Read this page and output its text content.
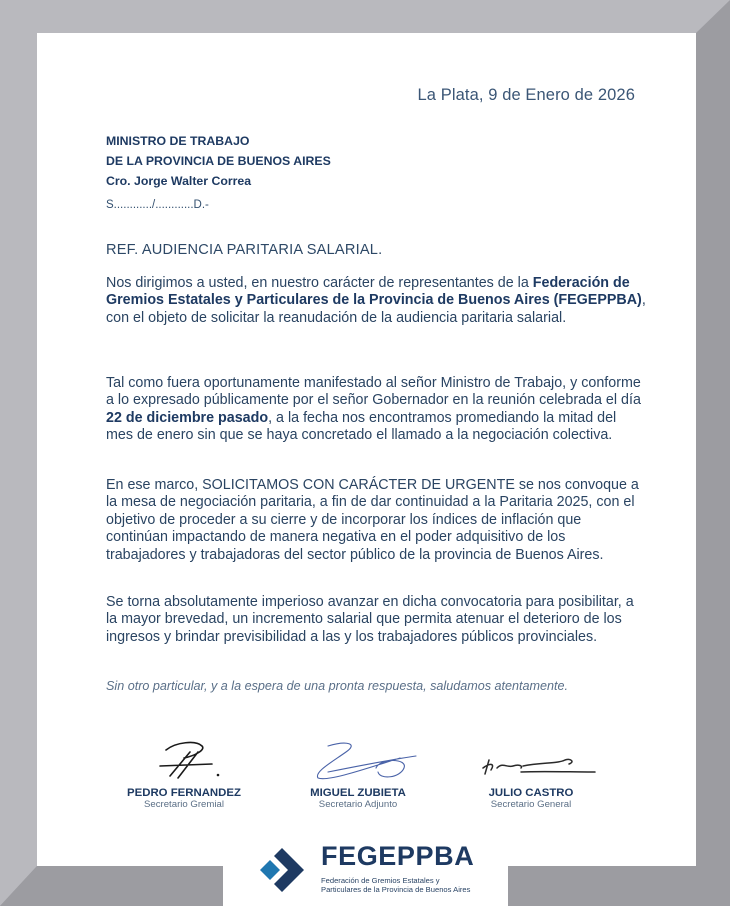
La Plata, 9 de Enero de 2026
MINISTRO DE TRABAJO
DE LA PROVINCIA DE BUENOS AIRES
Cro. Jorge Walter Correa
S............/............D.-
REF. AUDIENCIA PARITARIA SALARIAL.
Nos dirigimos a usted, en nuestro carácter de representantes de la Federación de Gremios Estatales y Particulares de la Provincia de Buenos Aires (FEGEPPBA), con el objeto de solicitar la reanudación de la audiencia paritaria salarial.
Tal como fuera oportunamente manifestado al señor Ministro de Trabajo, y conforme a lo expresado públicamente por el señor Gobernador en la reunión celebrada el día 22 de diciembre pasado, a la fecha nos encontramos promediando la mitad del mes de enero sin que se haya concretado el llamado a la negociación colectiva.
En ese marco, SOLICITAMOS CON CARÁCTER DE URGENTE se nos convoque a la mesa de negociación paritaria, a fin de dar continuidad a la Paritaria 2025, con el objetivo de proceder a su cierre y de incorporar los índices de inflación que continúan impactando de manera negativa en el poder adquisitivo de los trabajadores y trabajadoras del sector público de la provincia de Buenos Aires.
Se torna absolutamente imperioso avanzar en dicha convocatoria para posibilitar, a la mayor brevedad, un incremento salarial que permita atenuar el deterioro de los ingresos y brindar previsibilidad a las y los trabajadores públicos provinciales.
Sin otro particular, y a la espera de una pronta respuesta, saludamos atentamente.
PEDRO FERNANDEZ
Secretario Gremial
MIGUEL ZUBIETA
Secretario Adjunto
JULIO CASTRO
Secretario General
FEGEPPBA
Federación de Gremios Estatales y
Particulares de la Provincia de Buenos Aires
